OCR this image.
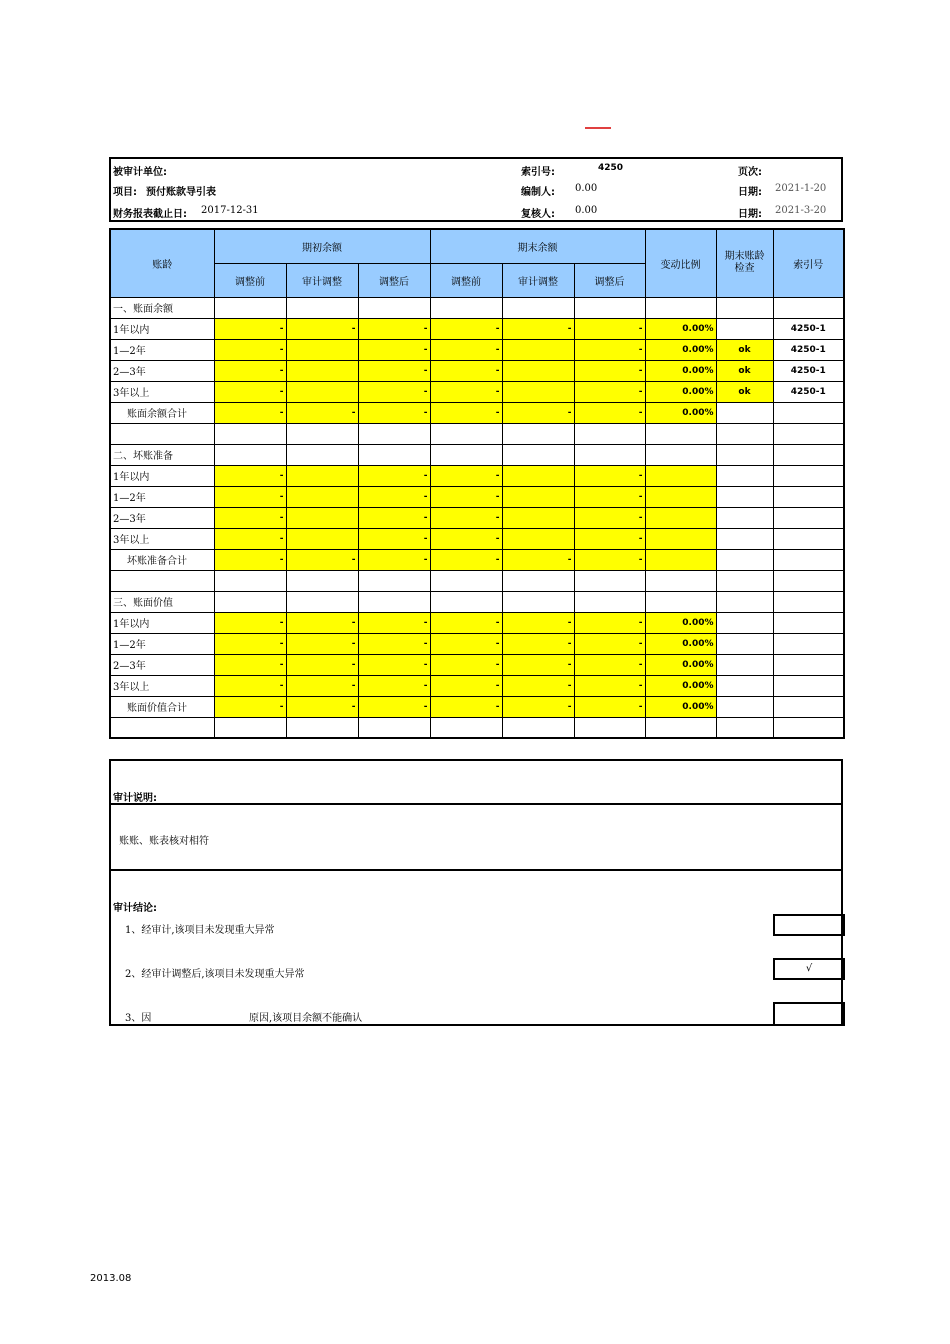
被审计单位:
项目: 预付账款导引表
财务报表截止日: 2017-12-31
索引号:	4250
编制人: 0.00
复核人: 0.00
页次:
日期: 2021-1-20
日期: 2021-3-20
账龄	期初余额			期末余额			变动比例	期末账龄检查	索引号
	调整前	审计调整	调整后	调整前	审计调整	调整后			
一、账面余额									
1年以内	-	-	-	-	-	-	0.00%		4250-1
1—2年	-		-	-		-	0.00%	ok	4250-1
2—3年	-		-	-		-	0.00%	ok	4250-1
3年以上	-		-	-		-	0.00%	ok	4250-1
账面余额合计	-	-	-	-	-	-	0.00%		

二、坏账准备									
1年以内	-		-	-		-			
1—2年	-		-	-		-			
2—3年	-		-	-		-			
3年以上	-		-	-		-			
坏账准备合计	-	-	-	-	-	-			

三、账面价值									
1年以内	-	-	-	-	-	-	0.00%		
1—2年	-	-	-	-	-	-	0.00%		
2—3年	-	-	-	-	-	-	0.00%		
3年以上	-	-	-	-	-	-	0.00%		
账面价值合计	-	-	-	-	-	-	0.00%		

审计说明:
账账、账表核对相符
审计结论:
1、经审计,该项目未发现重大异常
2、经审计调整后,该项目未发现重大异常
√
3、因	原因,该项目余额不能确认
2013.08
